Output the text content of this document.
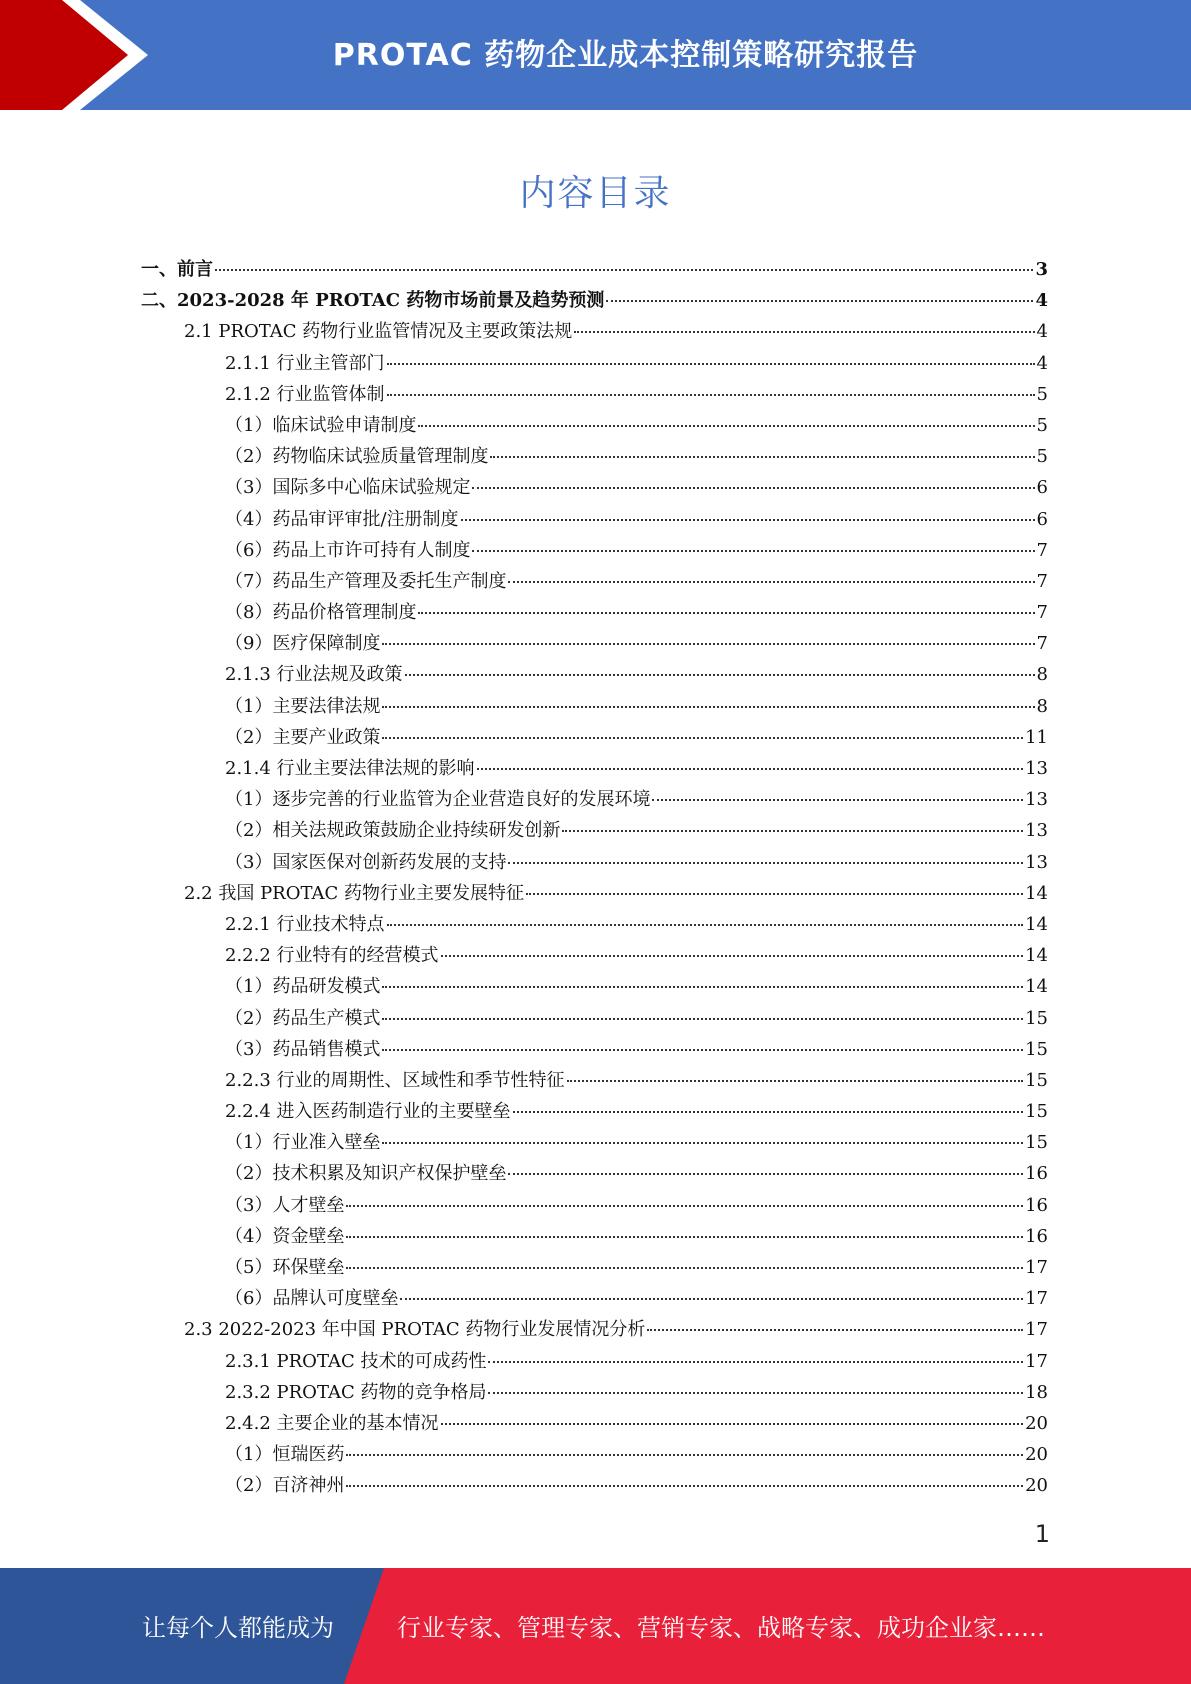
PROTAC 药物企业成本控制策略研究报告
内容目录
一、前言	3
二、2023-2028 年 PROTAC 药物市场前景及趋势预测	4
2.1 PROTAC 药物行业监管情况及主要政策法规	4
2.1.1 行业主管部门	4
2.1.2 行业监管体制	5
（1）临床试验申请制度	5
（2）药物临床试验质量管理制度	5
（3）国际多中心临床试验规定	6
（4）药品审评审批/注册制度	6
（6）药品上市许可持有人制度	7
（7）药品生产管理及委托生产制度	7
（8）药品价格管理制度	7
（9）医疗保障制度	7
2.1.3 行业法规及政策	8
（1）主要法律法规	8
（2）主要产业政策	11
2.1.4 行业主要法律法规的影响	13
（1）逐步完善的行业监管为企业营造良好的发展环境	13
（2）相关法规政策鼓励企业持续研发创新	13
（3）国家医保对创新药发展的支持	13
2.2 我国 PROTAC 药物行业主要发展特征	14
2.2.1 行业技术特点	14
2.2.2 行业特有的经营模式	14
（1）药品研发模式	14
（2）药品生产模式	15
（3）药品销售模式	15
2.2.3 行业的周期性、区域性和季节性特征	15
2.2.4 进入医药制造行业的主要壁垒	15
（1）行业准入壁垒	15
（2）技术积累及知识产权保护壁垒	16
（3）人才壁垒	16
（4）资金壁垒	16
（5）环保壁垒	17
（6）品牌认可度壁垒	17
2.3 2022-2023 年中国 PROTAC 药物行业发展情况分析	17
2.3.1 PROTAC 技术的可成药性	17
2.3.2 PROTAC 药物的竞争格局	18
2.4.2 主要企业的基本情况	20
（1）恒瑞医药	20
（2）百济神州	20
1
让每个人都能成为	行业专家、管理专家、营销专家、战略专家、成功企业家……
